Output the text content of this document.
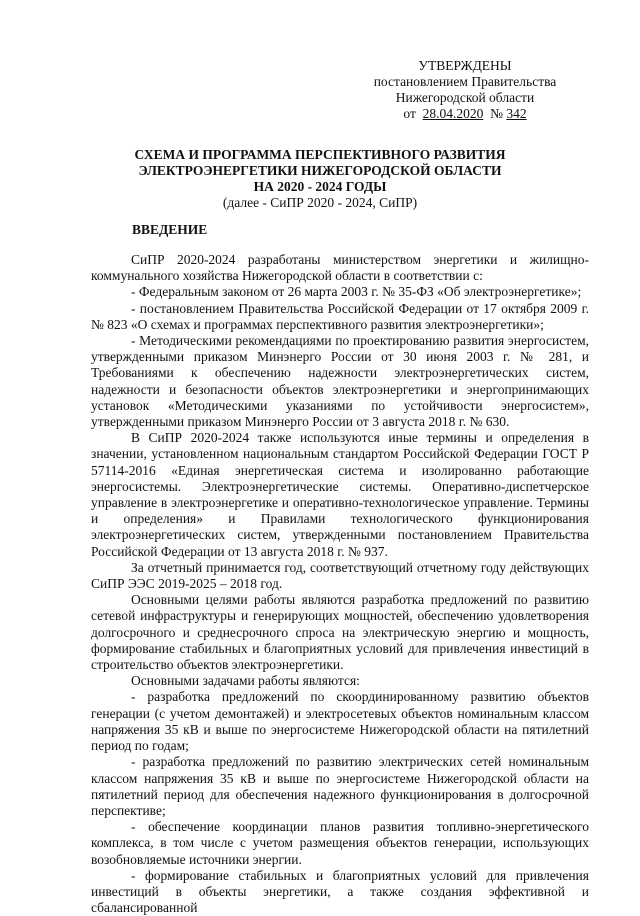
УТВЕРЖДЕНЫ
постановлением Правительства
Нижегородской области
от 28.04.2020 № 342
СХЕМА И ПРОГРАММА ПЕРСПЕКТИВНОГО РАЗВИТИЯ
ЭЛЕКТРОЭНЕРГЕТИКИ НИЖЕГОРОДСКОЙ ОБЛАСТИ
НА 2020 - 2024 ГОДЫ
(далее - СиПР 2020 - 2024, СиПР)
ВВЕДЕНИЕ

СиПР 2020-2024 разработаны министерством энергетики и жилищно-коммунального хозяйства Нижегородской области в соответствии с:

- Федеральным законом от 26 марта 2003 г. № 35-ФЗ «Об электроэнергетике»;

- постановлением Правительства Российской Федерации от 17 октября 2009 г. № 823 «О схемах и программах перспективного развития электроэнергетики»;

- Методическими рекомендациями по проектированию развития энергосистем, утвержденными приказом Минэнерго России от 30 июня 2003 г. № 281, и Требованиями к обеспечению надежности электроэнергетических систем, надежности и безопасности объектов электроэнергетики и энергопринимающих установок «Методическими указаниями по устойчивости энергосистем», утвержденными приказом Минэнерго России от 3 августа 2018 г. № 630.

В СиПР 2020-2024 также используются иные термины и определения в значении, установленном национальным стандартом Российской Федерации ГОСТ Р 57114-2016 «Единая энергетическая система и изолированно работающие энергосистемы. Электроэнергетические системы. Оперативно-диспетчерское управление в электроэнергетике и оперативно-технологическое управление. Термины и определения» и Правилами технологического функционирования электроэнергетических систем, утвержденными постановлением Правительства Российской Федерации от 13 августа 2018 г. № 937.

За отчетный принимается год, соответствующий отчетному году действующих СиПР ЭЭС 2019-2025 – 2018 год.

Основными целями работы являются разработка предложений по развитию сетевой инфраструктуры и генерирующих мощностей, обеспечению удовлетворения долгосрочного и среднесрочного спроса на электрическую энергию и мощность, формирование стабильных и благоприятных условий для привлечения инвестиций в строительство объектов электроэнергетики.

Основными задачами работы являются:

- разработка предложений по скоординированному развитию объектов генерации (с учетом демонтажей) и электросетевых объектов номинальным классом напряжения 35 кВ и выше по энергосистеме Нижегородской области на пятилетний период по годам;

- разработка предложений по развитию электрических сетей номинальным классом напряжения 35 кВ и выше по энергосистеме Нижегородской области на пятилетний период для обеспечения надежного функционирования в долгосрочной перспективе;

- обеспечение координации планов развития топливно-энергетического комплекса, в том числе с учетом размещения объектов генерации, использующих возобновляемые источники энергии.

- формирование стабильных и благоприятных условий для привлечения инвестиций в объекты энергетики, а также создания эффективной и сбалансированной
